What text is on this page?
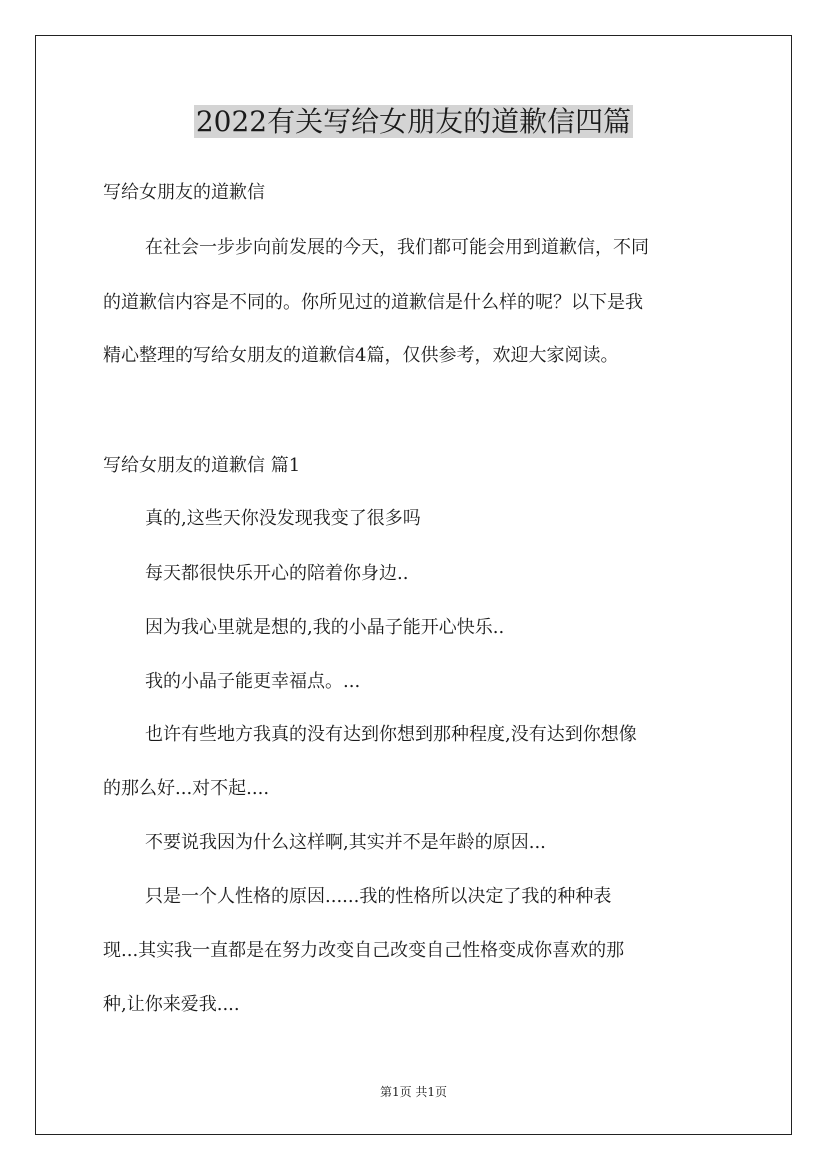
2022有关写给女朋友的道歉信四篇
写给女朋友的道歉信
在社会一步步向前发展的今天，我们都可能会用到道歉信，不同
的道歉信内容是不同的。你所见过的道歉信是什么样的呢？以下是我
精心整理的写给女朋友的道歉信4篇，仅供参考，欢迎大家阅读。
写给女朋友的道歉信 篇1
真的,这些天你没发现我变了很多吗
每天都很快乐开心的陪着你身边..
因为我心里就是想的,我的小晶子能开心快乐..
我的小晶子能更幸福点。...
也许有些地方我真的没有达到你想到那种程度,没有达到你想像
的那么好...对不起....
不要说我因为什么这样啊,其实并不是年龄的原因...
只是一个人性格的原因......我的性格所以决定了我的种种表
现...其实我一直都是在努力改变自己改变自己性格变成你喜欢的那
种,让你来爱我....
第1页 共1页
